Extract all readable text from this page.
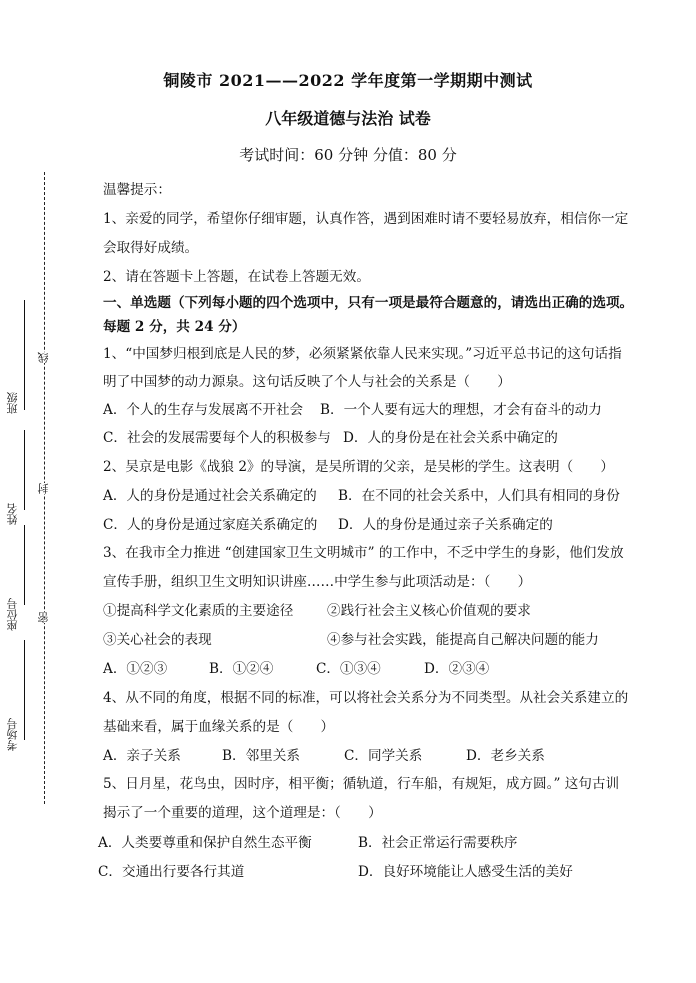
铜陵市 2021——2022 学年度第一学期期中测试
八年级道德与法治 试卷
考试时间：60 分钟 分值：80 分
班级
姓名
座位号
考场号
线
封
密
温馨提示：
1、亲爱的同学，希望你仔细审题，认真作答，遇到困难时请不要轻易放弃，相信你一定
会取得好成绩。
2、请在答题卡上答题，在试卷上答题无效。
一、单选题（下列每小题的四个选项中，只有一项是最符合题意的，请选出正确的选项。
每题 2 分，共 24 分）
1、“中国梦归根到底是人民的梦，必须紧紧依靠人民来实现。”习近平总书记的这句话指
明了中国梦的动力源泉。这句话反映了个人与社会的关系是（　　）
A．个人的生存与发展离不开社会 B．一个人要有远大的理想，才会有奋斗的动力
C．社会的发展需要每个人的积极参与 D．人的身份是在社会关系中确定的
2、吴京是电影《战狼 2》的导演，是吴所谓的父亲，是吴彬的学生。这表明（　　）
A．人的身份是通过社会关系确定的 B．在不同的社会关系中，人们具有相同的身份
C．人的身份是通过家庭关系确定的 D．人的身份是通过亲子关系确定的
3、在我市全力推进 “创建国家卫生文明城市” 的工作中，不乏中学生的身影，他们发放
宣传手册，组织卫生文明知识讲座……中学生参与此项活动是：（　　）
①提高科学文化素质的主要途径 ②践行社会主义核心价值观的要求
③关心社会的表现	④参与社会实践，能提高自己解决问题的能力
A．①②③	B．①②④	C．①③④	D．②③④
4、从不同的角度，根据不同的标准，可以将社会关系分为不同类型。从社会关系建立的
基础来看，属于血缘关系的是（　　）
A．亲子关系	B．邻里关系	C．同学关系	D．老乡关系
5、日月星，花鸟虫，因时序，相平衡；循轨道，行车船，有规矩，成方圆。” 这句古训
揭示了一个重要的道理，这个道理是：（　　）
A．人类要尊重和保护自然生态平衡	B．社会正常运行需要秩序
C．交通出行要各行其道	D．良好环境能让人感受生活的美好
